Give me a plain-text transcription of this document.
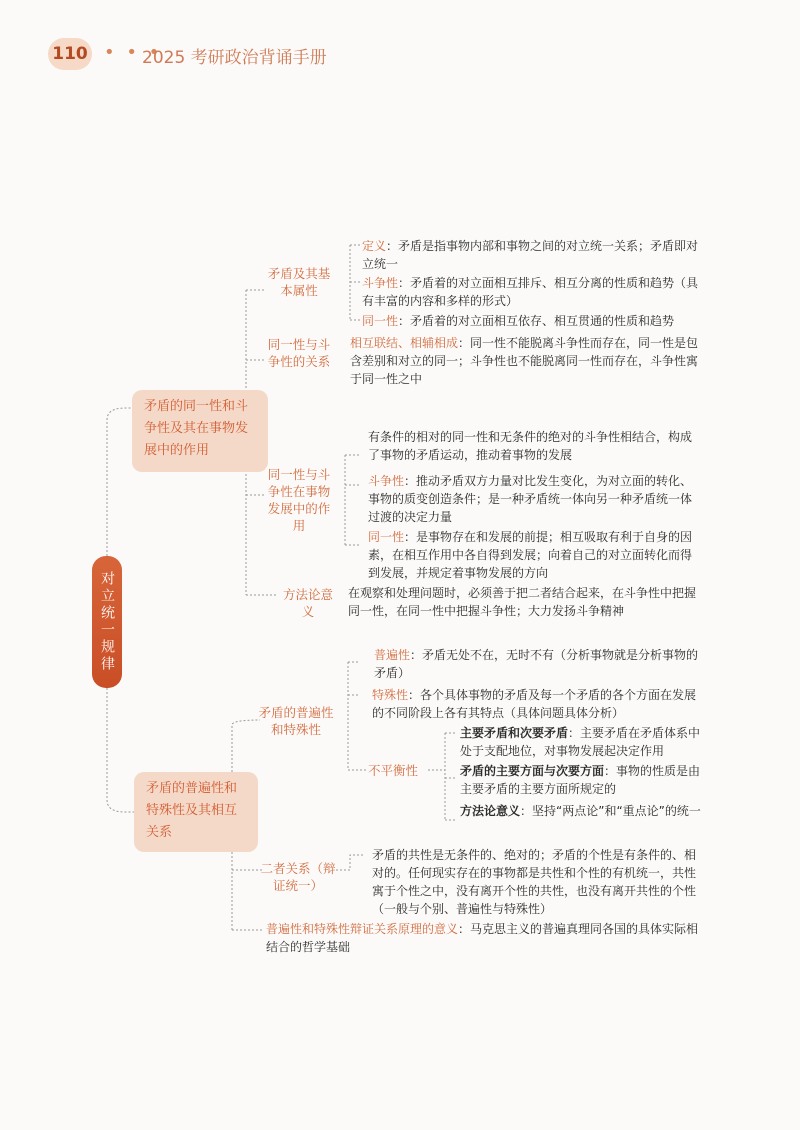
110 • • •
2025 考研政治背诵手册
对立统一规律
矛盾的同一性和斗争性及其在事物发展中的作用
矛盾及其基本属性
定义：矛盾是指事物内部和事物之间的对立统一关系；矛盾即对立统一
斗争性：矛盾着的对立面相互排斥、相互分离的性质和趋势（具有丰富的内容和多样的形式）
同一性：矛盾着的对立面相互依存、相互贯通的性质和趋势
同一性与斗争性的关系
相互联结、相辅相成：同一性不能脱离斗争性而存在，同一性是包含差别和对立的同一；斗争性也不能脱离同一性而存在，斗争性寓于同一性之中
同一性与斗争性在事物发展中的作用
有条件的相对的同一性和无条件的绝对的斗争性相结合，构成了事物的矛盾运动，推动着事物的发展
斗争性：推动矛盾双方力量对比发生变化，为对立面的转化、事物的质变创造条件；是一种矛盾统一体向另一种矛盾统一体过渡的决定力量
同一性：是事物存在和发展的前提；相互吸取有利于自身的因素，在相互作用中各自得到发展；向着自己的对立面转化而得到发展，并规定着事物发展的方向
方法论意义
在观察和处理问题时，必须善于把二者结合起来，在斗争性中把握同一性，在同一性中把握斗争性；大力发扬斗争精神
矛盾的普遍性和特殊性及其相互关系
矛盾的普遍性和特殊性
普遍性：矛盾无处不在，无时不有（分析事物就是分析事物的矛盾）
特殊性：各个具体事物的矛盾及每一个矛盾的各个方面在发展的不同阶段上各有其特点（具体问题具体分析）
不平衡性
主要矛盾和次要矛盾：主要矛盾在矛盾体系中处于支配地位，对事物发展起决定作用
矛盾的主要方面与次要方面：事物的性质是由主要矛盾的主要方面所规定的
方法论意义：坚持“两点论”和“重点论”的统一
二者关系（辩证统一）
矛盾的共性是无条件的、绝对的；矛盾的个性是有条件的、相对的。任何现实存在的事物都是共性和个性的有机统一，共性寓于个性之中，没有离开个性的共性，也没有离开共性的个性（一般与个别、普遍性与特殊性）
普遍性和特殊性辩证关系原理的意义：马克思主义的普遍真理同各国的具体实际相结合的哲学基础
